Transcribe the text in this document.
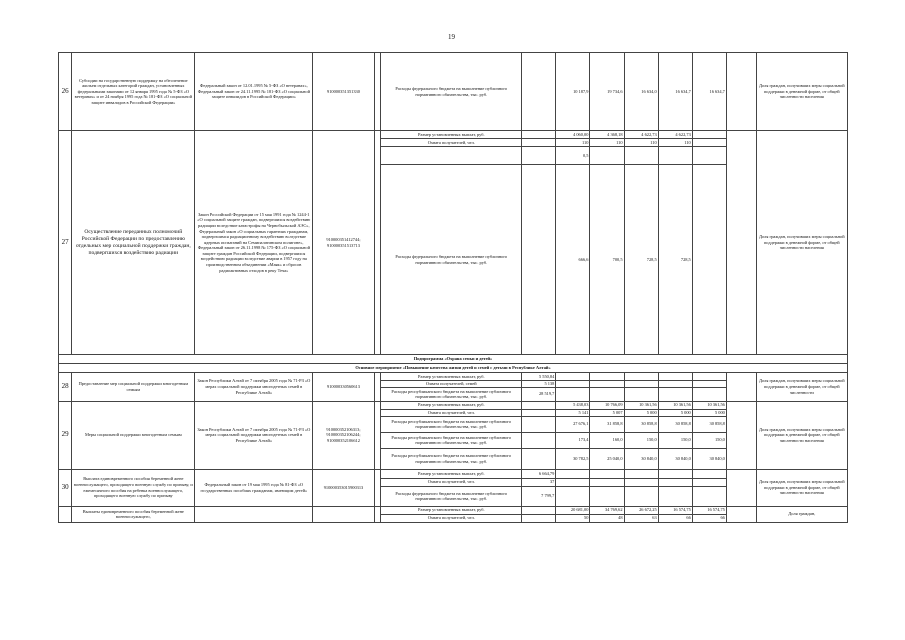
19
26	Субсидии на государственную поддержку на обеспечение жильем отдельных категорий граждан, установленных федеральными законами от 12 января 1995 года № 5-ФЗ «О ветеранах» и от 24 ноября 1995 года № 181-ФЗ «О социальной защите инвалидов в Российской Федерации»	Федеральный закон от 12.01.1995 № 5-ФЗ «О ветеранах», Федеральный закон от 24.11.1995 № 181-ФЗ «О социальной защите инвалидов в Российской Федерации»	910000351351330		Расходы федерального бюджета на выполнение публичного нормативного обязательства, тыс. руб.		10 187,9	19 734,6	16 634,0	16 634,7	16 634,7		Доля граждан, получивших меры социальной поддержки в денежной форме, от общей численности населения
27	Осуществление переданных полномочий Российской Федерации по предоставлению отдельных мер социальной поддержки граждан, подвергшихся воздействию радиации	Закон Российской Федерации от 15 мая 1991 года № 1244-1 «О социальной защите граждан, подвергшихся воздействию радиации вследствие катастрофы на Чернобыльской АЭС», Федеральный закон «О социальных гарантиях гражданам, подвергшимся радиационному воздействию вследствие ядерных испытаний на Семипалатинском полигоне», Федеральный закон от 26.11.1998 № 175-ФЗ «О социальной защите граждан Российской Федерации, подвергшихся воздействию радиации вследствие аварии в 1957 году на производственном объединении «Маяк» и сбросов радиоактивных отходов в реку Теча»	910000351412744; 910000351513713		Размер установленных выплат, руб.		4 060,00	4 368,18	4 622,73	4 622,73			Доля граждан, получивших меры социальной поддержки в денежной форме, от общей численности населения
					Охвата получателей, чел.		110	110	110	110			
							0,5						
					Расходы федерального бюджета на выполнение публичного нормативного обязательства, тыс. руб.		666,6	700,5	728,5	728,5			
Подпрограмма «Охрана семьи и детей»													
Основное мероприятие «Повышение качества жизни детей и семей с детьми в Республике Алтай»													
28	Предоставление мер социальной поддержки многодетным семьям	Закон Республики Алтай от 7 октября 2005 года № 71-РЗ «О мерах социальной поддержки многодетных семей в Республике Алтай»	910000330560613		Размер установленных выплат, руб.	5 550,84							Доля граждан, получивших меры социальной поддержки в денежной форме, от общей численности
					Охвата получателей, семей	5 138							
					Расходы республиканского бюджета на выполнение публичного нормативного обязательства, тыс. руб.	28 519,7							
29	Меры социальной поддержки многодетным семьям	Закон Республики Алтай от 7 октября 2005 года № 71-РЗ «О мерах социальной поддержки многодетных семей в Республике Алтай»	910000352106313; 910000352106244; 910000352106612		Размер установленных выплат, руб.		5 438,03	10 766,09	10 361,56	10 361,56	10 361,56		Доля граждан, получивших меры социальной поддержки в денежной форме, от общей численности населения
					Охвата получателей, чел.		5 141	5 007	5 000	5 000	5 000		
					Расходы республиканского бюджета на выполнение публичного нормативного обязательства, тыс. руб.		27 676,1	31 858,8	30 858,8	30 858,8	30 858,8		
					Расходы республиканского бюджета на выполнение публичного нормативного обязательства, тыс. руб.		173,4	160,0	150,0	150,0	150,0		
					Расходы республиканского бюджета на выполнение публичного нормативного обязательства, тыс. руб.		30 782,5	25 040,0	30 840,0	30 840,0	30 840,0		
30	Выплата единовременного пособия беременной жене военнослужащего, проходящего военную службу по призыву, и ежемесячного пособия на ребенка военнослужащего, проходящего военную службу по призыву	Федеральный закон от 19 мая 1995 года № 81-ФЗ «О государственных пособиях гражданам, имеющим детей»	910000353015900313		Размер установленных выплат, руб.	6 664,79							Доля граждан, получивших меры социальной поддержки в денежной форме, от общей численности населения
					Охвата получателей, чел.	37							
					Расходы федерального бюджета на выполнение публичного нормативного обязательства, тыс. руб.	7 799,7							
	Выплаты единовременного пособия беременной жене военнослужащего,				Размер установленных выплат, руб.		20 681,00	34 769,62	26 672,25	16 574,75	16 574,75		Доля граждан,
					Охвата получателей, чел.		50	48	63	66	66		
